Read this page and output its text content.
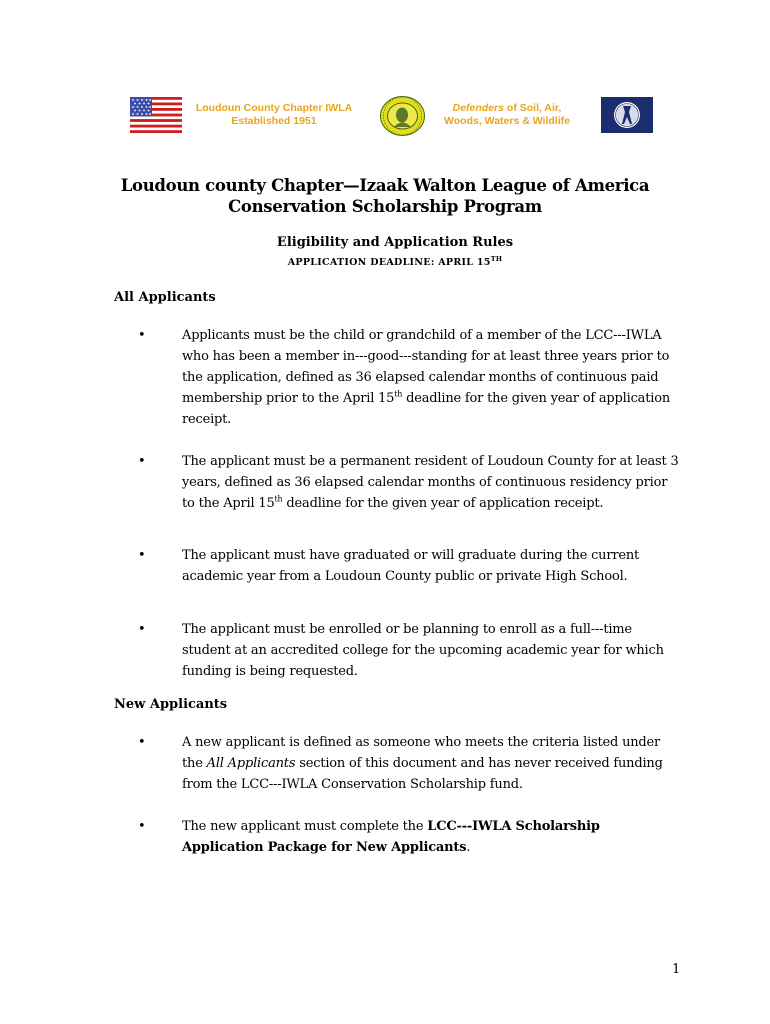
Loudoun County Chapter IWLA
Established 1951
Defenders of Soil, Air,
Woods, Waters & Wildlife
Loudoun county Chapter—Izaak Walton League of America
Conservation Scholarship Program
Eligibility and Application Rules
APPLICATION DEADLINE: APRIL 15TH
All Applicants
•	Applicants must be the child or grandchild of a member of the LCC---IWLA who has been a member in---good---standing for at least three years prior to the application, defined as 36 elapsed calendar months of continuous paid membership prior to the April 15th deadline for the given year of application receipt.
•	The applicant must be a permanent resident of Loudoun County for at least 3 years, defined as 36 elapsed calendar months of continuous residency prior to the April 15th deadline for the given year of application receipt.
•	The applicant must have graduated or will graduate during the current academic year from a Loudoun County public or private High School.
•	The applicant must be enrolled or be planning to enroll as a full---time student at an accredited college for the upcoming academic year for which funding is being requested.
New Applicants
•	A new applicant is defined as someone who meets the criteria listed under the All Applicants section of this document and has never received funding from the LCC---IWLA Conservation Scholarship fund.
•	The new applicant must complete the LCC---IWLA Scholarship Application Package for New Applicants.
1
